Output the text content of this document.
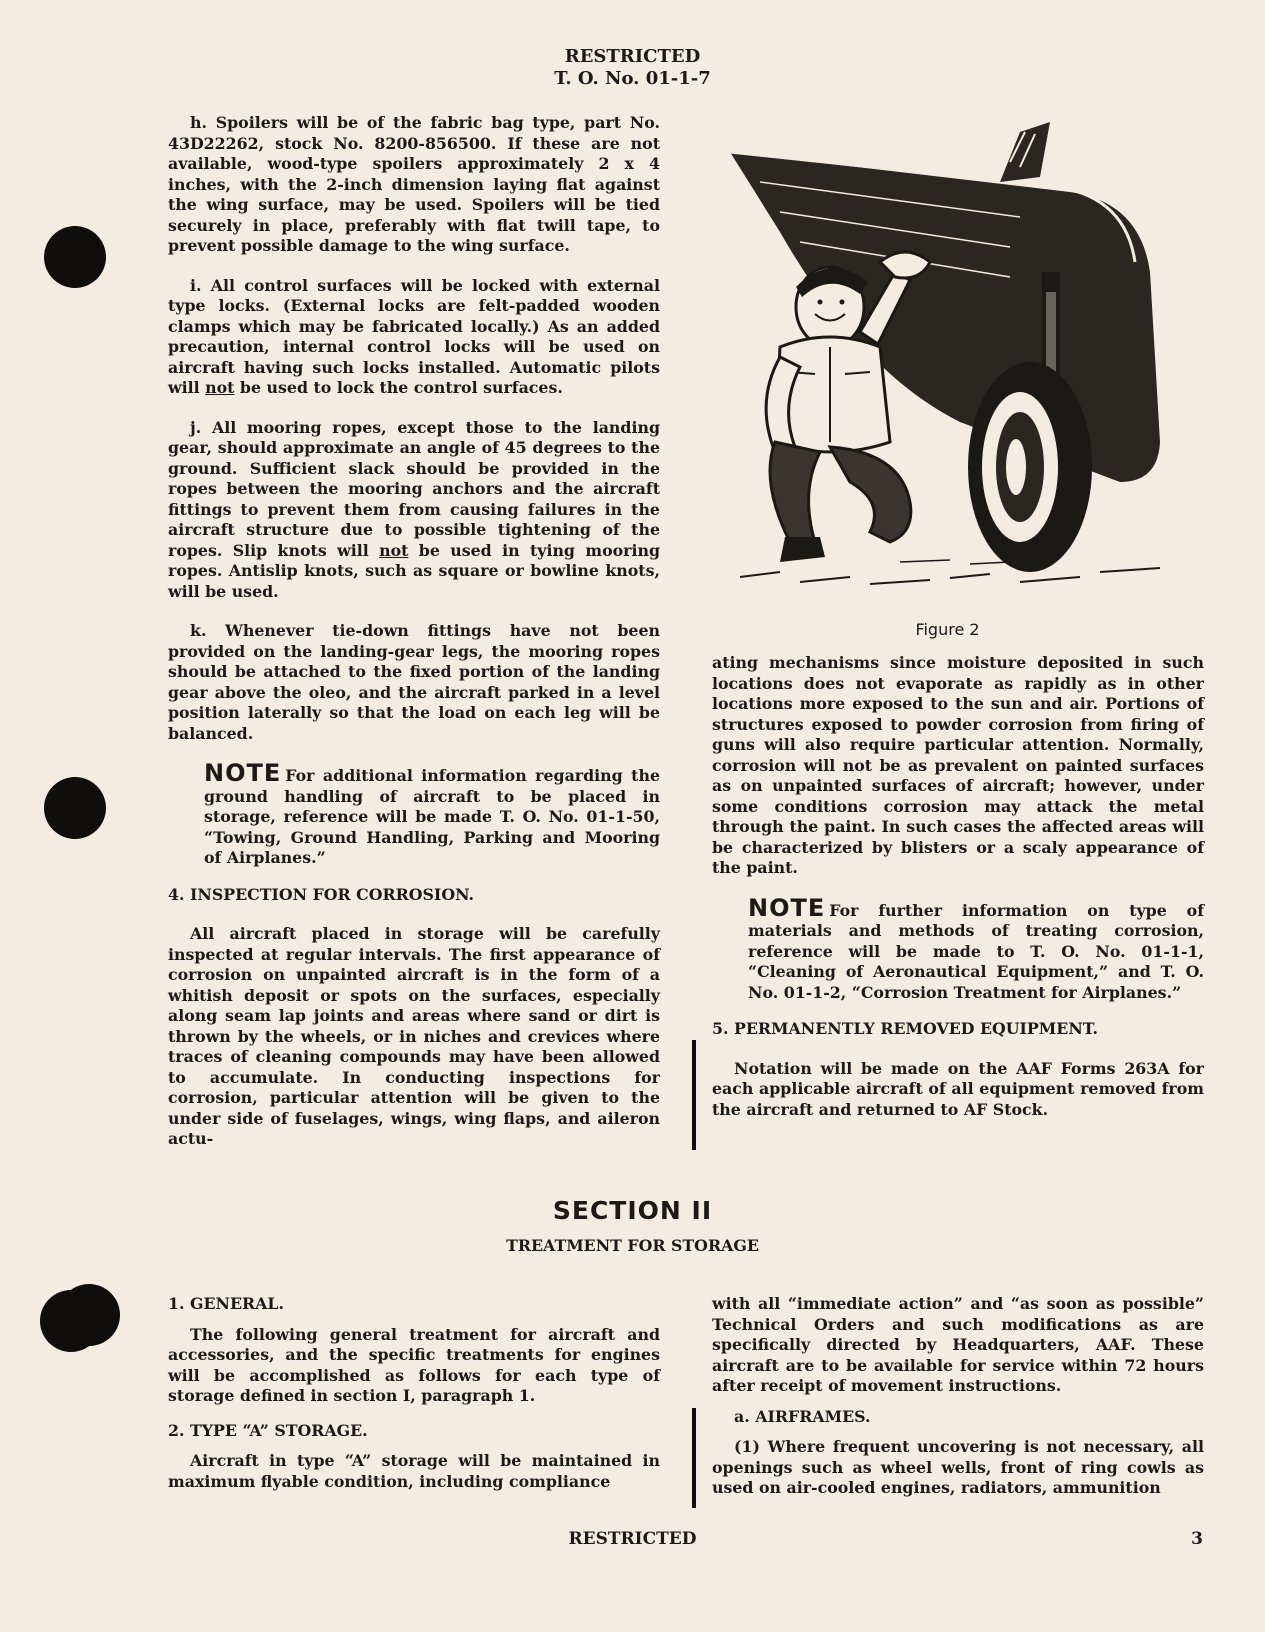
RESTRICTED
T. O. No. 01-1-7

h. Spoilers will be of the fabric bag type, part No. 43D22262, stock No. 8200-856500. If these are not available, wood-type spoilers approximately 2 x 4 inches, with the 2-inch dimension laying flat against the wing surface, may be used. Spoilers will be tied securely in place, preferably with flat twill tape, to prevent possible damage to the wing surface.

i. All control surfaces will be locked with external type locks. (External locks are felt-padded wooden clamps which may be fabricated locally.) As an added precaution, internal control locks will be used on aircraft having such locks installed. Automatic pilots will not be used to lock the control surfaces.

j. All mooring ropes, except those to the landing gear, should approximate an angle of 45 degrees to the ground. Sufficient slack should be provided in the ropes between the mooring anchors and the aircraft fittings to prevent them from causing failures in the aircraft structure due to possible tightening of the ropes. Slip knots will not be used in tying mooring ropes. Antislip knots, such as square or bowline knots, will be used.

k. Whenever tie-down fittings have not been provided on the landing-gear legs, the mooring ropes should be attached to the fixed portion of the landing gear above the oleo, and the aircraft parked in a level position laterally so that the load on each leg will be balanced.

NOTE For additional information regarding the ground handling of aircraft to be placed in storage, reference will be made T. O. No. 01-1-50, “Towing, Ground Handling, Parking and Mooring of Airplanes.”

4. INSPECTION FOR CORROSION.

All aircraft placed in storage will be carefully inspected at regular intervals. The first appearance of corrosion on unpainted aircraft is in the form of a whitish deposit or spots on the surfaces, especially along seam lap joints and areas where sand or dirt is thrown by the wheels, or in niches and crevices where traces of cleaning compounds may have been allowed to accumulate. In conducting inspections for corrosion, particular attention will be given to the under side of fuselages, wings, wing flaps, and aileron actu-

Figure 2

ating mechanisms since moisture deposited in such locations does not evaporate as rapidly as in other locations more exposed to the sun and air. Portions of structures exposed to powder corrosion from firing of guns will also require particular attention. Normally, corrosion will not be as prevalent on painted surfaces as on unpainted surfaces of aircraft; however, under some conditions corrosion may attack the metal through the paint. In such cases the affected areas will be characterized by blisters or a scaly appearance of the paint.

NOTE For further information on type of materials and methods of treating corrosion, reference will be made to T. O. No. 01-1-1, “Cleaning of Aeronautical Equipment,” and T. O. No. 01-1-2, “Corrosion Treatment for Airplanes.”

5. PERMANENTLY REMOVED EQUIPMENT.

Notation will be made on the AAF Forms 263A for each applicable aircraft of all equipment removed from the aircraft and returned to AF Stock.

SECTION II
TREATMENT FOR STORAGE

1. GENERAL.

The following general treatment for aircraft and accessories, and the specific treatments for engines will be accomplished as follows for each type of storage defined in section I, paragraph 1.

2. TYPE “A” STORAGE.

Aircraft in type “A” storage will be maintained in maximum flyable condition, including compliance

with all “immediate action” and “as soon as possible” Technical Orders and such modifications as are specifically directed by Headquarters, AAF. These aircraft are to be available for service within 72 hours after receipt of movement instructions.

a. AIRFRAMES.

(1) Where frequent uncovering is not necessary, all openings such as wheel wells, front of ring cowls as used on air-cooled engines, radiators, ammunition

RESTRICTED	3
